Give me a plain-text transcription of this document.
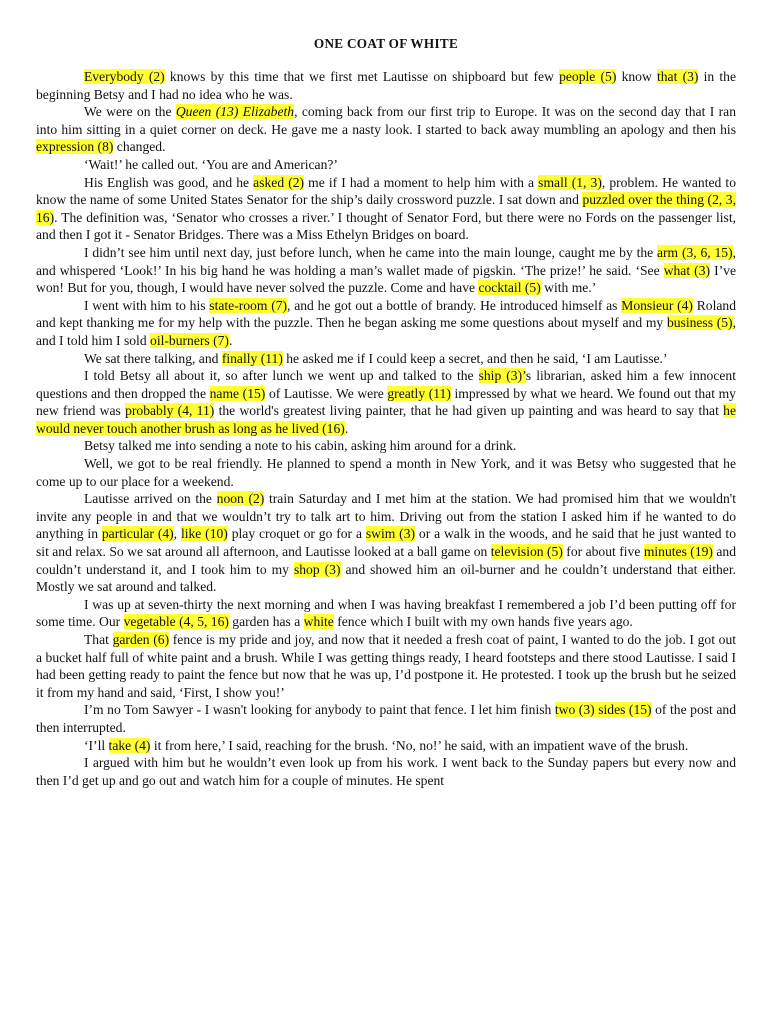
ONE COAT OF WHITE

Everybody (2) knows by this time that we first met Lautisse on shipboard but few people (5) know that (3) in the beginning Betsy and I had no idea who he was.

We were on the Queen (13) Elizabeth, coming back from our first trip to Europe. It was on the second day that I ran into him sitting in a quiet corner on deck. He gave me a nasty look. I started to back away mumbling an apology and then his expression (8) changed.

‘Wait!’ he called out. ‘You are and American?’

His English was good, and he asked (2) me if I had a moment to help him with a small (1, 3), problem. He wanted to know the name of some United States Senator for the ship’s daily crossword puzzle. I sat down and puzzled over the thing (2, 3, 16). The definition was, ‘Senator who crosses a river.’ I thought of Senator Ford, but there were no Fords on the passenger list, and then I got it - Senator Bridges. There was a Miss Ethelyn Bridges on board.

I didn’t see him until next day, just before lunch, when he came into the main lounge, caught me by the arm (3, 6, 15), and whispered ‘Look!’ In his big hand he was holding a man’s wallet made of pigskin. ‘The prize!’ he said. ‘See what (3) I’ve won! But for you, though, I would have never solved the puzzle. Come and have cocktail (5) with me.’

I went with him to his state-room (7), and he got out a bottle of brandy. He introduced himself as Monsieur (4) Roland and kept thanking me for my help with the puzzle. Then he began asking me some questions about myself and my business (5), and I told him I sold oil-burners (7).

We sat there talking, and finally (11) he asked me if I could keep a secret, and then he said, ‘I am Lautisse.’

I told Betsy all about it, so after lunch we went up and talked to the ship (3)’s librarian, asked him a few innocent questions and then dropped the name (15) of Lautisse. We were greatly (11) impressed by what we heard. We found out that my new friend was probably (4, 11) the world's greatest living painter, that he had given up painting and was heard to say that he would never touch another brush as long as he lived (16).

Betsy talked me into sending a note to his cabin, asking him around for a drink.

Well, we got to be real friendly. He planned to spend a month in New York, and it was Betsy who suggested that he come up to our place for a weekend.

Lautisse arrived on the noon (2) train Saturday and I met him at the station. We had promised him that we wouldn't invite any people in and that we wouldn’t try to talk art to him. Driving out from the station I asked him if he wanted to do anything in particular (4), like (10) play croquet or go for a swim (3) or a walk in the woods, and he said that he just wanted to sit and relax. So we sat around all afternoon, and Lautisse looked at a ball game on television (5) for about five minutes (19) and couldn’t understand it, and I took him to my shop (3) and showed him an oil-burner and he couldn’t understand that either. Mostly we sat around and talked.

I was up at seven-thirty the next morning and when I was having breakfast I remembered a job I’d been putting off for some time. Our vegetable (4, 5, 16) garden has a white fence which I built with my own hands five years ago.

That garden (6) fence is my pride and joy, and now that it needed a fresh coat of paint, I wanted to do the job. I got out a bucket half full of white paint and a brush. While I was getting things ready, I heard footsteps and there stood Lautisse. I said I had been getting ready to paint the fence but now that he was up, I’d postpone it. He protested. I took up the brush but he seized it from my hand and said, ‘First, I show you!’

I’m no Tom Sawyer - I wasn't looking for anybody to paint that fence. I let him finish two (3) sides (15) of the post and then interrupted.

‘I’ll take (4) it from here,’ I said, reaching for the brush. ‘No, no!’ he said, with an impatient wave of the brush.

I argued with him but he wouldn’t even look up from his work. I went back to the Sunday papers but every now and then I’d get up and go out and watch him for a couple of minutes. He spent
